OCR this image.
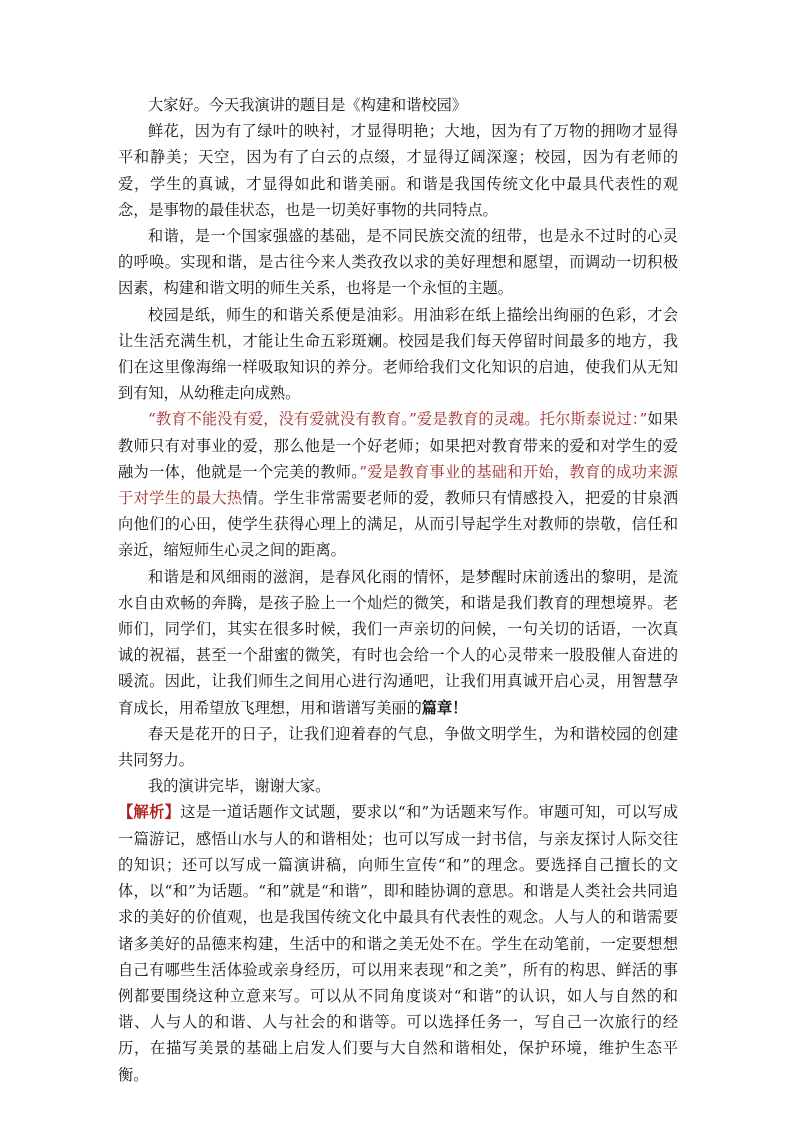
大家好。今天我演讲的题目是《构建和谐校园》

鲜花，因为有了绿叶的映衬，才显得明艳；大地，因为有了万物的拥吻才显得平和静美；天空，因为有了白云的点缀，才显得辽阔深邃；校园，因为有老师的爱，学生的真诚，才显得如此和谐美丽。和谐是我国传统文化中最具代表性的观念，是事物的最佳状态，也是一切美好事物的共同特点。

和谐，是一个国家强盛的基础，是不同民族交流的纽带，也是永不过时的心灵的呼唤。实现和谐，是古往今来人类孜孜以求的美好理想和愿望，而调动一切积极因素，构建和谐文明的师生关系，也将是一个永恒的主题。

校园是纸，师生的和谐关系便是油彩。用油彩在纸上描绘出绚丽的色彩，才会让生活充满生机，才能让生命五彩斑斓。校园是我们每天停留时间最多的地方，我们在这里像海绵一样吸取知识的养分。老师给我们文化知识的启迪，使我们从无知到有知，从幼稚走向成熟。

“教育不能没有爱，没有爱就没有教育。”爱是教育的灵魂。托尔斯泰说过：”如果教师只有对事业的爱，那么他是一个好老师；如果把对教育带来的爱和对学生的爱融为一体，他就是一个完美的教师。”爱是教育事业的基础和开始，教育的成功来源于对学生的最大热情。学生非常需要老师的爱，教师只有情感投入，把爱的甘泉洒向他们的心田，使学生获得心理上的满足，从而引导起学生对教师的崇敬，信任和亲近，缩短师生心灵之间的距离。

和谐是和风细雨的滋润，是春风化雨的情怀，是梦醒时床前透出的黎明，是流水自由欢畅的奔腾，是孩子脸上一个灿烂的微笑，和谐是我们教育的理想境界。老师们，同学们，其实在很多时候，我们一声亲切的问候，一句关切的话语，一次真诚的祝福，甚至一个甜蜜的微笑，有时也会给一个人的心灵带来一股股催人奋进的暖流。因此，让我们师生之间用心进行沟通吧，让我们用真诚开启心灵，用智慧孕育成长，用希望放飞理想，用和谐谱写美丽的篇章！

春天是花开的日子，让我们迎着春的气息，争做文明学生，为和谐校园的创建共同努力。

我的演讲完毕，谢谢大家。

【解析】这是一道话题作文试题，要求以“和”为话题来写作。审题可知，可以写成一篇游记，感悟山水与人的和谐相处；也可以写成一封书信，与亲友探讨人际交往的知识；还可以写成一篇演讲稿，向师生宣传“和”的理念。要选择自己擅长的文体，以“和”为话题。“和”就是“和谐”，即和睦协调的意思。和谐是人类社会共同追求的美好的价值观，也是我国传统文化中最具有代表性的观念。人与人的和谐需要诸多美好的品德来构建，生活中的和谐之美无处不在。学生在动笔前，一定要想想自己有哪些生活体验或亲身经历，可以用来表现“和之美”，所有的构思、鲜活的事例都要围绕这种立意来写。可以从不同角度谈对“和谐”的认识，如人与自然的和谐、人与人的和谐、人与社会的和谐等。可以选择任务一，写自己一次旅行的经历，在描写美景的基础上启发人们要与大自然和谐相处，保护环境，维护生态平衡。
